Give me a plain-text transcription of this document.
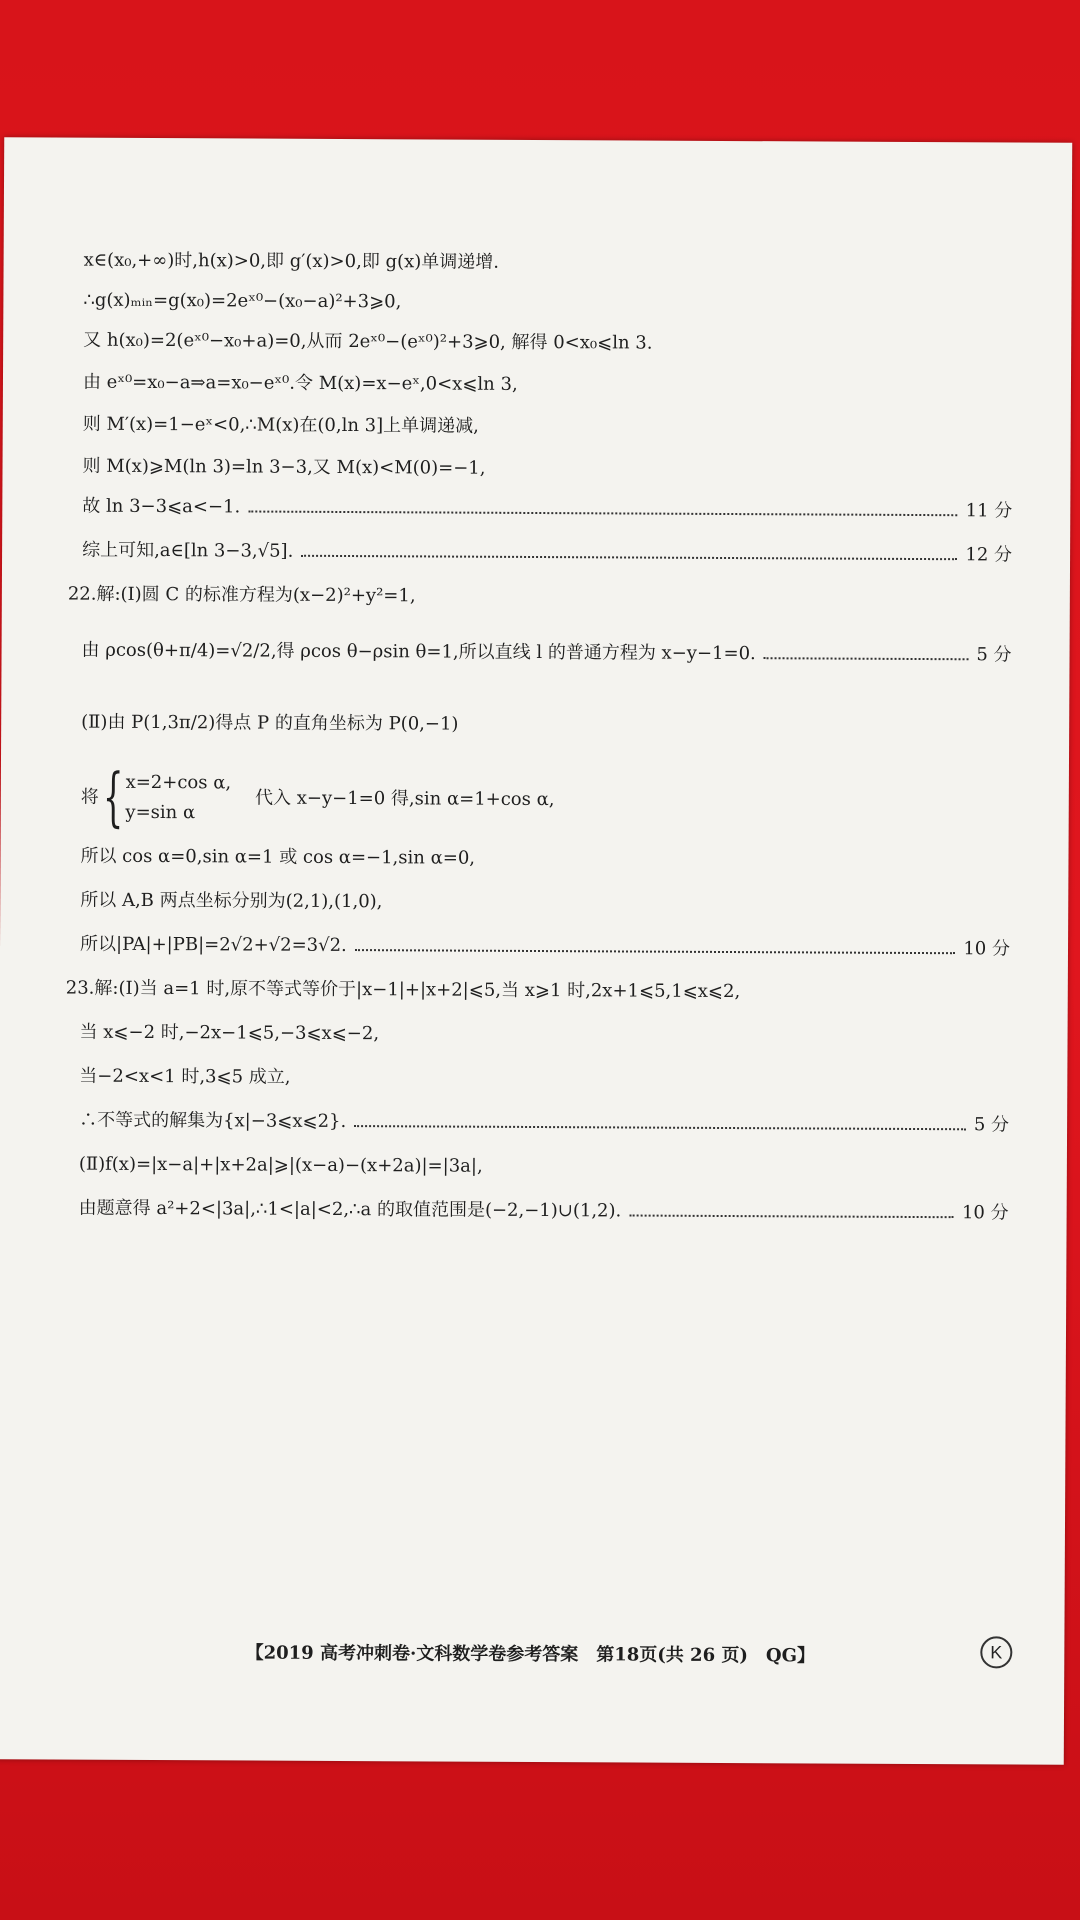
x∈(x₀,+∞)时,h(x)>0,即 g′(x)>0,即 g(x)单调递增.
∴g(x)ₘᵢₙ=g(x₀)=2eˣ⁰−(x₀−a)²+3⩾0,
又 h(x₀)=2(eˣ⁰−x₀+a)=0,从而 2eˣ⁰−(eˣ⁰)²+3⩾0, 解得 0<x₀⩽ln 3.
由 eˣ⁰=x₀−a⇒a=x₀−eˣ⁰.令 M(x)=x−eˣ,0<x⩽ln 3,
则 M′(x)=1−eˣ<0,∴M(x)在(0,ln 3]上单调递减,
则 M(x)⩾M(ln 3)=ln 3−3,又 M(x)<M(0)=−1,
故 ln 3−3⩽a<−1.	11 分
综上可知,a∈[ln 3−3,√5].	12 分
22.解:(Ⅰ)圆 C 的标准方程为(x−2)²+y²=1,
由 ρcos(θ+π/4)=√2/2,得 ρcos θ−ρsin θ=1,所以直线 l 的普通方程为 x−y−1=0.	5 分
(Ⅱ)由 P(1,3π/2)得点 P 的直角坐标为 P(0,−1)
将 { x=2+cos α,
y=sin α
代入 x−y−1=0 得,sin α=1+cos α,
所以 cos α=0,sin α=1 或 cos α=−1,sin α=0,
所以 A,B 两点坐标分别为(2,1),(1,0),
所以|PA|+|PB|=2√2+√2=3√2.	10 分
23.解:(Ⅰ)当 a=1 时,原不等式等价于|x−1|+|x+2|⩽5,当 x⩾1 时,2x+1⩽5,1⩽x⩽2,
当 x⩽−2 时,−2x−1⩽5,−3⩽x⩽−2,
当−2<x<1 时,3⩽5 成立,
∴不等式的解集为{x|−3⩽x⩽2}.	5 分
(Ⅱ)f(x)=|x−a|+|x+2a|⩾|(x−a)−(x+2a)|=|3a|,
由题意得 a²+2<|3a|,∴1<|a|<2,∴a 的取值范围是(−2,−1)∪(1,2).	10 分
【2019 高考冲刺卷·文科数学卷参考答案　第18页(共 26 页)　QG】	K
